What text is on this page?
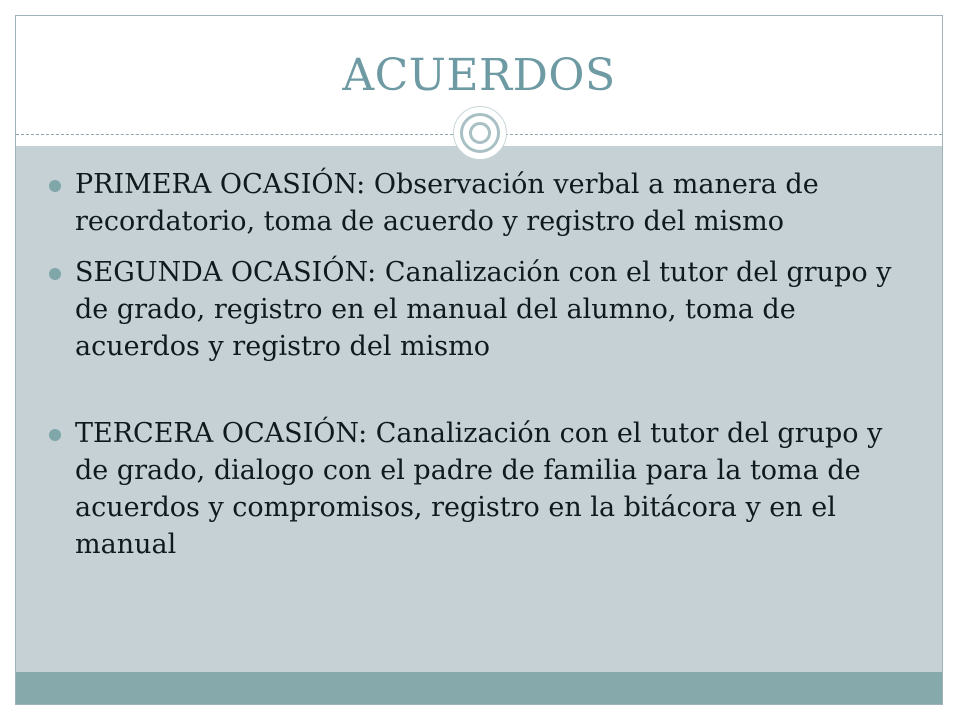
ACUERDOS
PRIMERA OCASIÓN: Observación verbal a manera de recordatorio, toma de acuerdo y registro del mismo
SEGUNDA OCASIÓN: Canalización con el tutor del grupo y de grado, registro en el manual del alumno, toma de acuerdos y registro del mismo
TERCERA OCASIÓN: Canalización con el tutor del grupo y de grado, dialogo con el padre de familia para la toma de acuerdos y compromisos, registro en la bitácora y en el manual
